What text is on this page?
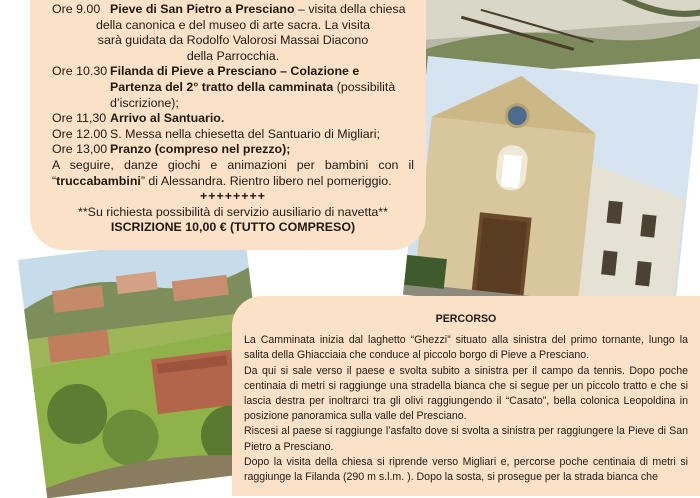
Ore 9.00 Pieve di San Pietro a Presciano – visita della chiesa
della canonica e del museo di arte sacra. La visita
sarà guidata da Rodolfo Valorosi Massai Diacono
della Parrocchia.
Ore 10.30 Filanda di Pieve a Presciano – Colazione e Partenza del 2° tratto della camminata (possibilità d’iscrizione);
Ore 11,30 Arrivo al Santuario.
Ore 12.00 S. Messa nella chiesetta del Santuario di Migliari;
Ore 13,00 Pranzo (compreso nel prezzo);
A seguire, danze giochi e animazioni per bambini con il “truccabambini” di Alessandra. Rientro libero nel pomeriggio.
++++++++
**Su richiesta possibilità di servizio ausiliario di navetta**
ISCRIZIONE 10,00 € (TUTTO COMPRESO)
PERCORSO

La Camminata inizia dal laghetto “Ghezzi” situato alla sinistra del primo tornante, lungo la salita della Ghiacciaia che conduce al piccolo borgo di Pieve a Presciano.

Da qui si sale verso il paese e svolta subito a sinistra per il campo da tennis. Dopo poche centinaia di metri si raggiunge una stradella bianca che si segue per un piccolo tratto e che si lascia destra per inoltrarci tra gli olivi raggiungendo il “Casato”, bella colonica Leopoldina in posizione panoramica sulla valle del Presciano.

Riscesi al paese si raggiunge l’asfalto dove si svolta a sinistra per raggiungere la Pieve di San Pietro a Presciano.

Dopo la visita della chiesa si riprende verso Migliari e, percorse poche centinaia di metri si raggiunge la Filanda (290 m s.l.m. ). Dopo la sosta, si prosegue per la strada bianca che
